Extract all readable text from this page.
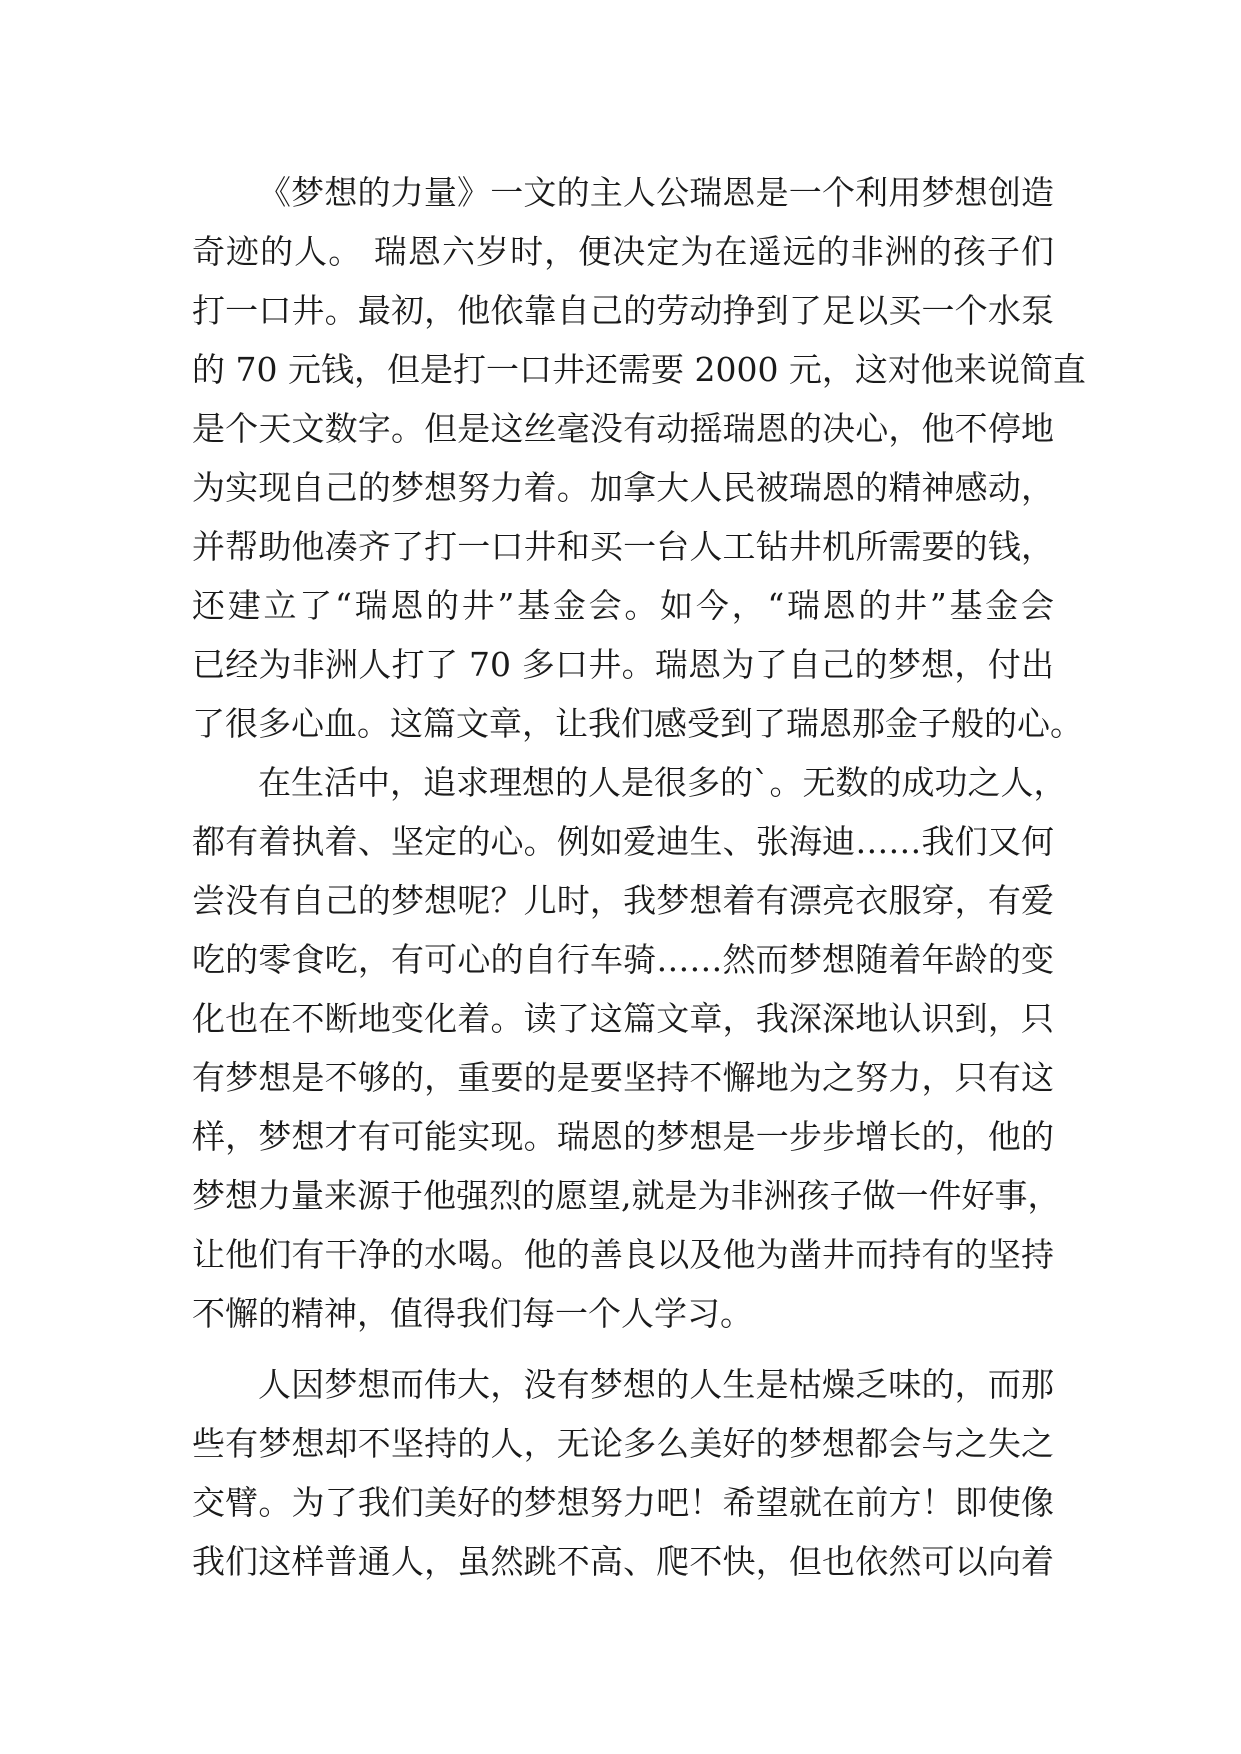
《梦想的力量》一文的主人公瑞恩是一个利用梦想创造
奇迹的人。 瑞恩六岁时，便决定为在遥远的非洲的孩子们
打一口井。最初，他依靠自己的劳动挣到了足以买一个水泵
的 70 元钱，但是打一口井还需要 2000 元，这对他来说简直
是个天文数字。但是这丝毫没有动摇瑞恩的决心，他不停地
为实现自己的梦想努力着。加拿大人民被瑞恩的精神感动，
并帮助他凑齐了打一口井和买一台人工钻井机所需要的钱，
还建立了“瑞恩的井”基金会。如今，“瑞恩的井”基金会
已经为非洲人打了 70 多口井。瑞恩为了自己的梦想，付出
了很多心血。这篇文章，让我们感受到了瑞恩那金子般的心。
在生活中，追求理想的人是很多的`。无数的成功之人，
都有着执着、坚定的心。例如爱迪生、张海迪……我们又何
尝没有自己的梦想呢？儿时，我梦想着有漂亮衣服穿，有爱
吃的零食吃，有可心的自行车骑……然而梦想随着年龄的变
化也在不断地变化着。读了这篇文章，我深深地认识到，只
有梦想是不够的，重要的是要坚持不懈地为之努力，只有这
样，梦想才有可能实现。瑞恩的梦想是一步步增长的，他的
梦想力量来源于他强烈的愿望,就是为非洲孩子做一件好事，
让他们有干净的水喝。他的善良以及他为凿井而持有的坚持
不懈的精神，值得我们每一个人学习。
人因梦想而伟大，没有梦想的人生是枯燥乏味的，而那
些有梦想却不坚持的人，无论多么美好的梦想都会与之失之
交臂。为了我们美好的梦想努力吧！希望就在前方！即使像
我们这样普通人，虽然跳不高、爬不快，但也依然可以向着
